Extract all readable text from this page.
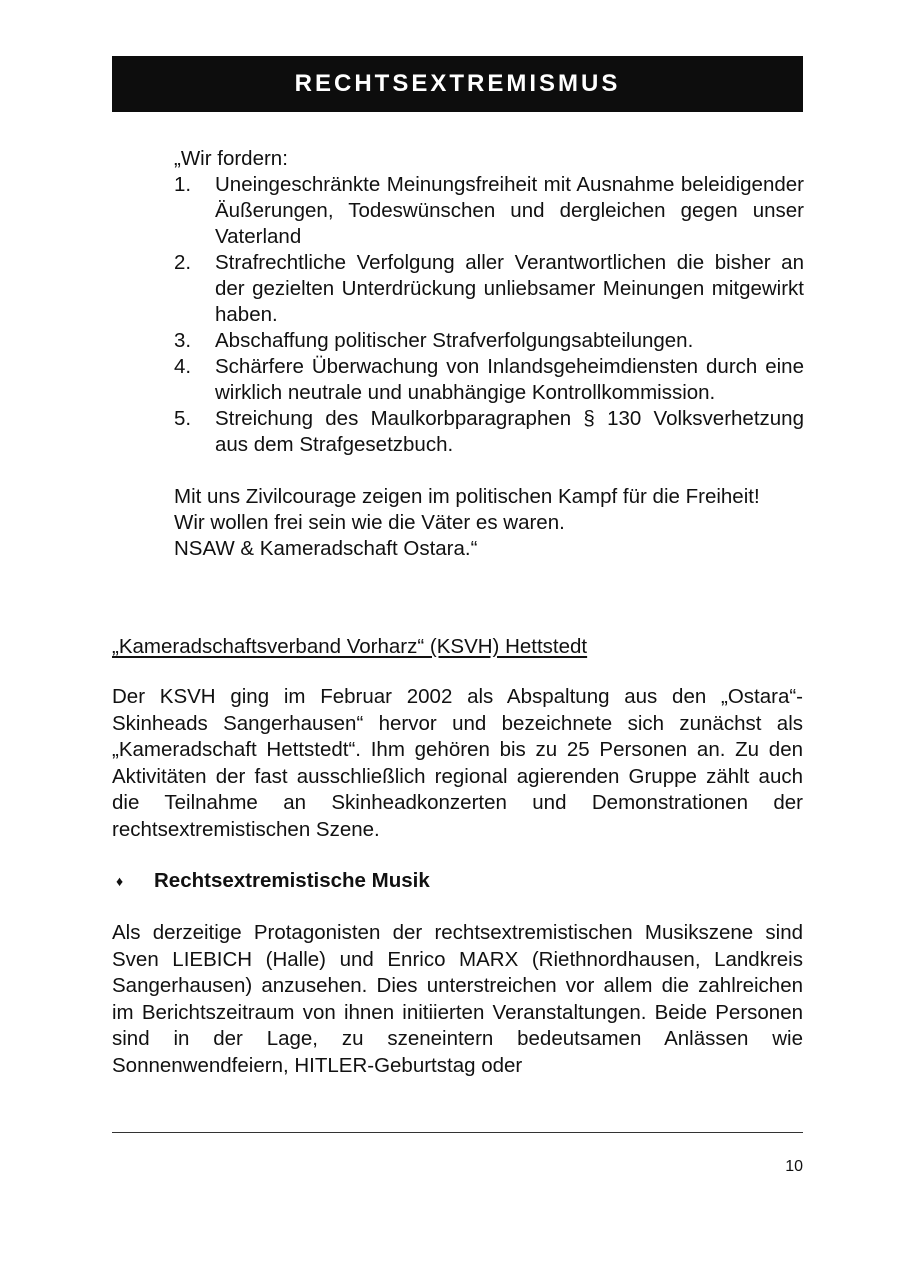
RECHTSEXTREMISMUS

„Wir fordern:

1.	Uneingeschränkte Meinungsfreiheit mit Ausnahme beleidigender Äußerungen, Todeswünschen und dergleichen gegen unser Vaterland
2.	Strafrechtliche Verfolgung aller Verantwortlichen die bisher an der gezielten Unterdrückung unliebsamer Meinungen mitgewirkt haben.
3.	Abschaffung politischer Strafverfolgungsabteilungen.
4.	Schärfere Überwachung von Inlandsgeheimdiensten durch eine wirklich neutrale und unabhängige Kontrollkommission.
5.	Streichung des Maulkorbparagraphen § 130 Volksverhetzung aus dem Strafgesetzbuch.

Mit uns Zivilcourage zeigen im politischen Kampf für die Freiheit!

Wir wollen frei sein wie die Väter es waren.

NSAW & Kameradschaft Ostara.“

„Kameradschaftsverband Vorharz“ (KSVH) Hettstedt

Der KSVH ging im Februar 2002 als Abspaltung aus den „Ostara“-Skinheads Sangerhausen“ hervor und bezeichnete sich zunächst als „Kameradschaft Hettstedt“. Ihm gehören bis zu 25 Personen an. Zu den Aktivitäten der fast ausschließlich regional agierenden Gruppe zählt auch die Teilnahme an Skinheadkonzerten und Demonstrationen der rechtsextremistischen Szene.

♦	Rechtsextremistische Musik

Als derzeitige Protagonisten der rechtsextremistischen Musikszene sind Sven LIEBICH (Halle) und Enrico MARX (Riethnordhausen, Landkreis Sangerhausen) anzusehen. Dies unterstreichen vor allem die zahlreichen im Berichtszeitraum von ihnen initiierten Veranstaltungen. Beide Personen sind in der Lage, zu szeneintern bedeutsamen Anlässen wie Sonnenwendfeiern, HITLER-Geburtstag oder

10
